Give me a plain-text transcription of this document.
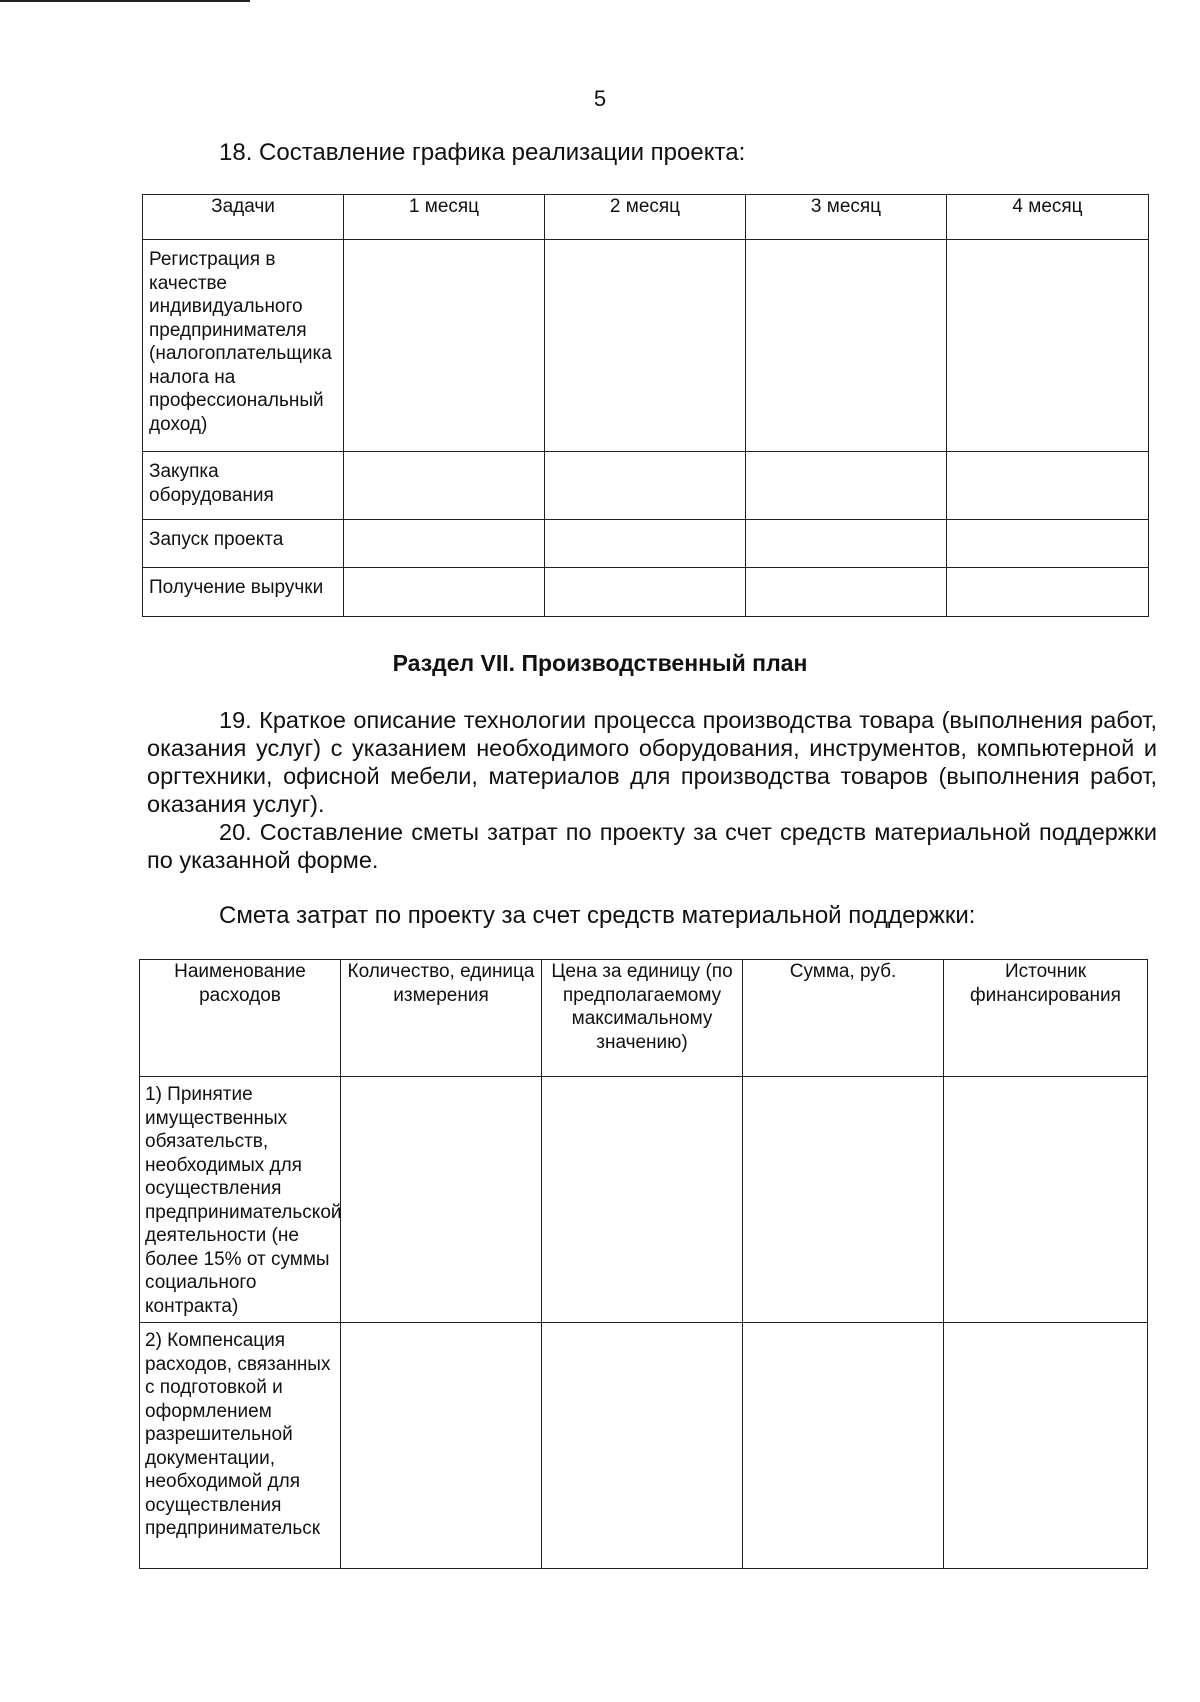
5
18. Составление графика реализации проекта:
Задачи	1 месяц	2 месяц	3 месяц	4 месяц
Регистрация в качестве индивидуального предпринимателя (налогоплательщика налога на профессиональный доход)				
Закупка оборудования				
Запуск проекта				
Получение выручки				
Раздел VII. Производственный план

19. Краткое описание технологии процесса производства товара (выполнения работ, оказания услуг) с указанием необходимого оборудования, инструментов, компьютерной и оргтехники, офисной мебели, материалов для производства товаров (выполнения работ, оказания услуг).

20. Составление сметы затрат по проекту за счет средств материальной поддержки по указанной форме.

Смета затрат по проекту за счет средств материальной поддержки:
Наименование расходов	Количество, единица измерения	Цена за единицу (по предполагаемому максимальному значению)	Сумма, руб.	Источник финансирования
1) Принятие имущественных обязательств, необходимых для осуществления предпринимательской деятельности (не более 15% от суммы социального контракта)				
2) Компенсация расходов, связанных с подготовкой и оформлением разрешительной документации, необходимой для осуществления предпринимательск				
